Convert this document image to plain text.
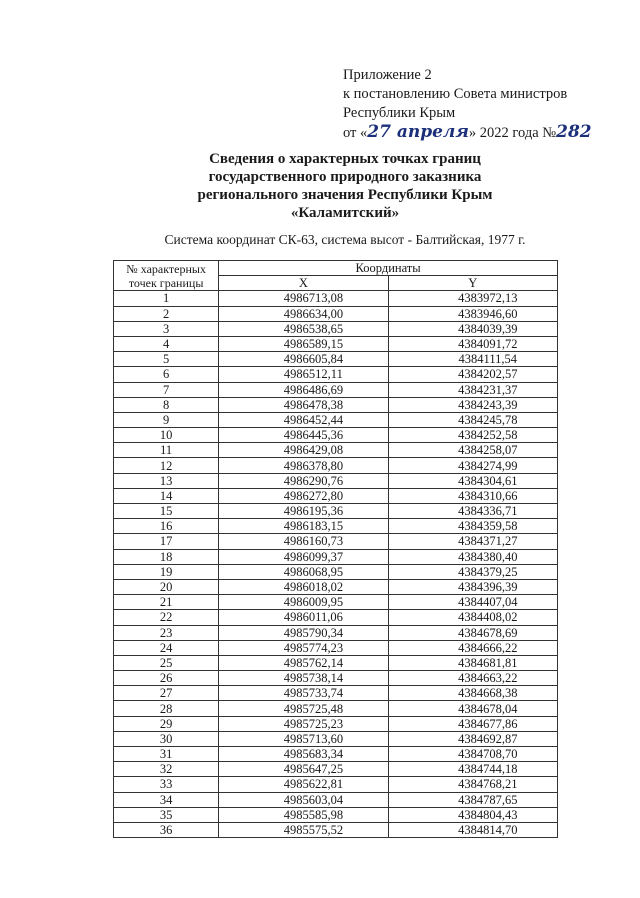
Приложение 2
к постановлению Совета министров
Республики Крым
от «27 апреля» 2022 года №282
Сведения о характерных точках границ
государственного природного заказника
регионального значения Республики Крым
«Каламитский»
Система координат СК-63, система высот - Балтийская, 1977 г.
№ характерных точек границы	Координаты	
	X	Y
1	4986713,08	4383972,13
2	4986634,00	4383946,60
3	4986538,65	4384039,39
4	4986589,15	4384091,72
5	4986605,84	4384111,54
6	4986512,11	4384202,57
7	4986486,69	4384231,37
8	4986478,38	4384243,39
9	4986452,44	4384245,78
10	4986445,36	4384252,58
11	4986429,08	4384258,07
12	4986378,80	4384274,99
13	4986290,76	4384304,61
14	4986272,80	4384310,66
15	4986195,36	4384336,71
16	4986183,15	4384359,58
17	4986160,73	4384371,27
18	4986099,37	4384380,40
19	4986068,95	4384379,25
20	4986018,02	4384396,39
21	4986009,95	4384407,04
22	4986011,06	4384408,02
23	4985790,34	4384678,69
24	4985774,23	4384666,22
25	4985762,14	4384681,81
26	4985738,14	4384663,22
27	4985733,74	4384668,38
28	4985725,48	4384678,04
29	4985725,23	4384677,86
30	4985713,60	4384692,87
31	4985683,34	4384708,70
32	4985647,25	4384744,18
33	4985622,81	4384768,21
34	4985603,04	4384787,65
35	4985585,98	4384804,43
36	4985575,52	4384814,70
